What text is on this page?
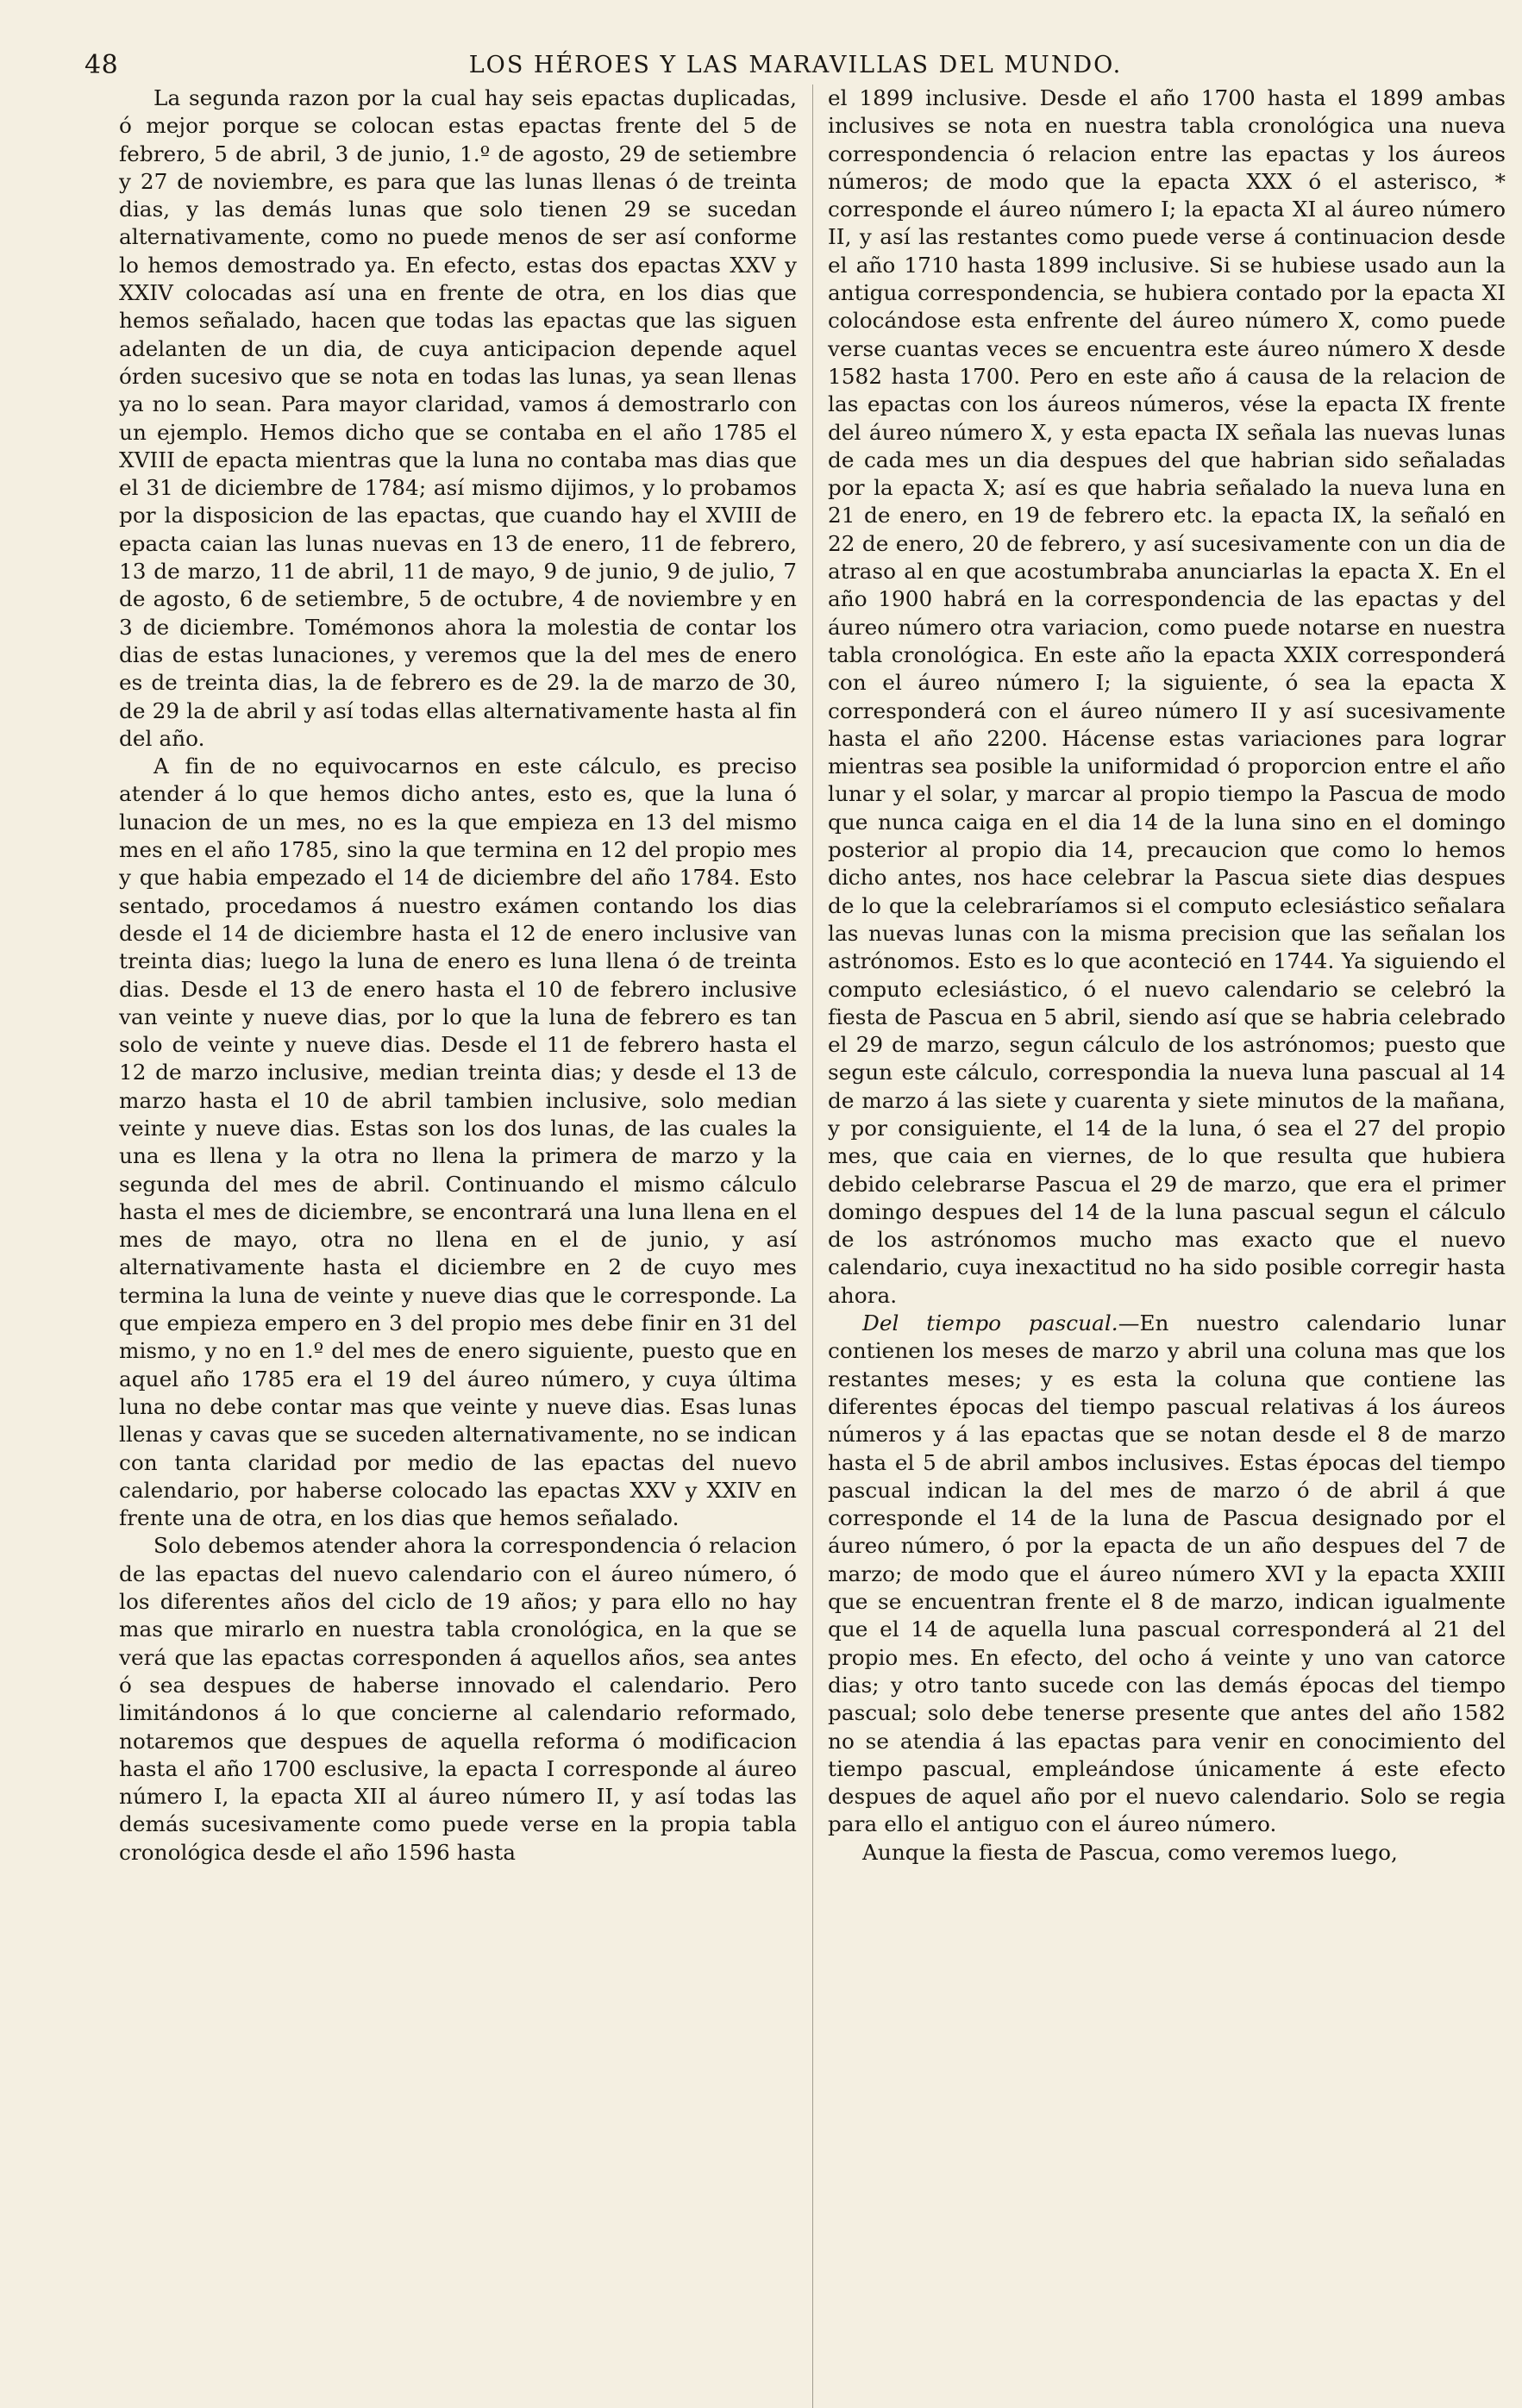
48	LOS HÉROES Y LAS MARAVILLAS DEL MUNDO.

La segunda razon por la cual hay seis epactas duplicadas, ó mejor porque se colocan estas epactas frente del 5 de febrero, 5 de abril, 3 de junio, 1.º de agosto, 29 de setiembre y 27 de noviembre, es para que las lunas llenas ó de treinta dias, y las demás lunas que solo tienen 29 se sucedan alternativamente, como no puede menos de ser así conforme lo hemos demostrado ya. En efecto, estas dos epactas XXV y XXIV colocadas así una en frente de otra, en los dias que hemos señalado, hacen que todas las epactas que las siguen adelanten de un dia, de cuya anticipacion depende aquel órden sucesivo que se nota en todas las lunas, ya sean llenas ya no lo sean. Para mayor claridad, vamos á demostrarlo con un ejemplo. Hemos dicho que se contaba en el año 1785 el XVIII de epacta mientras que la luna no contaba mas dias que el 31 de diciembre de 1784; así mismo dijimos, y lo probamos por la disposicion de las epactas, que cuando hay el XVIII de epacta caian las lunas nuevas en 13 de enero, 11 de febrero, 13 de marzo, 11 de abril, 11 de mayo, 9 de junio, 9 de julio, 7 de agosto, 6 de setiembre, 5 de octubre, 4 de noviembre y en 3 de diciembre. Tomémonos ahora la molestia de contar los dias de estas lunaciones, y veremos que la del mes de enero es de treinta dias, la de febrero es de 29. la de marzo de 30, de 29 la de abril y así todas ellas alternativamente hasta al fin del año.

A fin de no equivocarnos en este cálculo, es preciso atender á lo que hemos dicho antes, esto es, que la luna ó lunacion de un mes, no es la que empieza en 13 del mismo mes en el año 1785, sino la que termina en 12 del propio mes y que habia empezado el 14 de diciembre del año 1784. Esto sentado, procedamos á nuestro exámen contando los dias desde el 14 de diciembre hasta el 12 de enero inclusive van treinta dias; luego la luna de enero es luna llena ó de treinta dias. Desde el 13 de enero hasta el 10 de febrero inclusive van veinte y nueve dias, por lo que la luna de febrero es tan solo de veinte y nueve dias. Desde el 11 de febrero hasta el 12 de marzo inclusive, median treinta dias; y desde el 13 de marzo hasta el 10 de abril tambien inclusive, solo median veinte y nueve dias. Estas son los dos lunas, de las cuales la una es llena y la otra no llena la primera de marzo y la segunda del mes de abril. Continuando el mismo cálculo hasta el mes de diciembre, se encontrará una luna llena en el mes de mayo, otra no llena en el de junio, y así alternativamente hasta el diciembre en 2 de cuyo mes termina la luna de veinte y nueve dias que le corresponde. La que empieza empero en 3 del propio mes debe finir en 31 del mismo, y no en 1.º del mes de enero siguiente, puesto que en aquel año 1785 era el 19 del áureo número, y cuya última luna no debe contar mas que veinte y nueve dias. Esas lunas llenas y cavas que se suceden alternativamente, no se indican con tanta claridad por medio de las epactas del nuevo calendario, por haberse colocado las epactas XXV y XXIV en frente una de otra, en los dias que hemos señalado.

Solo debemos atender ahora la correspondencia ó relacion de las epactas del nuevo calendario con el áureo número, ó los diferentes años del ciclo de 19 años; y para ello no hay mas que mirarlo en nuestra tabla cronológica, en la que se verá que las epactas corresponden á aquellos años, sea antes ó sea despues de haberse innovado el calendario. Pero limitándonos á lo que concierne al calendario reformado, notaremos que despues de aquella reforma ó modificacion hasta el año 1700 esclusive, la epacta I corresponde al áureo número I, la epacta XII al áureo número II, y así todas las demás sucesivamente como puede verse en la propia tabla cronológica desde el año 1596 hasta

el 1899 inclusive. Desde el año 1700 hasta el 1899 ambas inclusives se nota en nuestra tabla cronológica una nueva correspondencia ó relacion entre las epactas y los áureos números; de modo que la epacta XXX ó el asterisco, * corresponde el áureo número I; la epacta XI al áureo número II, y así las restantes como puede verse á continuacion desde el año 1710 hasta 1899 inclusive. Si se hubiese usado aun la antigua correspondencia, se hubiera contado por la epacta XI colocándose esta enfrente del áureo número X, como puede verse cuantas veces se encuentra este áureo número X desde 1582 hasta 1700. Pero en este año á causa de la relacion de las epactas con los áureos números, vése la epacta IX frente del áureo número X, y esta epacta IX señala las nuevas lunas de cada mes un dia despues del que habrian sido señaladas por la epacta X; así es que habria señalado la nueva luna en 21 de enero, en 19 de febrero etc. la epacta IX, la señaló en 22 de enero, 20 de febrero, y así sucesivamente con un dia de atraso al en que acostumbraba anunciarlas la epacta X. En el año 1900 habrá en la correspondencia de las epactas y del áureo número otra variacion, como puede notarse en nuestra tabla cronológica. En este año la epacta XXIX corresponderá con el áureo número I; la siguiente, ó sea la epacta X corresponderá con el áureo número II y así sucesivamente hasta el año 2200. Hácense estas variaciones para lograr mientras sea posible la uniformidad ó proporcion entre el año lunar y el solar, y marcar al propio tiempo la Pascua de modo que nunca caiga en el dia 14 de la luna sino en el domingo posterior al propio dia 14, precaucion que como lo hemos dicho antes, nos hace celebrar la Pascua siete dias despues de lo que la celebraríamos si el computo eclesiástico señalara las nuevas lunas con la misma precision que las señalan los astrónomos. Esto es lo que aconteció en 1744. Ya siguiendo el computo eclesiástico, ó el nuevo calendario se celebró la fiesta de Pascua en 5 abril, siendo así que se habria celebrado el 29 de marzo, segun cálculo de los astrónomos; puesto que segun este cálculo, correspondia la nueva luna pascual al 14 de marzo á las siete y cuarenta y siete minutos de la mañana, y por consiguiente, el 14 de la luna, ó sea el 27 del propio mes, que caia en viernes, de lo que resulta que hubiera debido celebrarse Pascua el 29 de marzo, que era el primer domingo despues del 14 de la luna pascual segun el cálculo de los astrónomos mucho mas exacto que el nuevo calendario, cuya inexactitud no ha sido posible corregir hasta ahora.

Del tiempo pascual.—En nuestro calendario lunar contienen los meses de marzo y abril una coluna mas que los restantes meses; y es esta la coluna que contiene las diferentes épocas del tiempo pascual relativas á los áureos números y á las epactas que se notan desde el 8 de marzo hasta el 5 de abril ambos inclusives. Estas épocas del tiempo pascual indican la del mes de marzo ó de abril á que corresponde el 14 de la luna de Pascua designado por el áureo número, ó por la epacta de un año despues del 7 de marzo; de modo que el áureo número XVI y la epacta XXIII que se encuentran frente el 8 de marzo, indican igualmente que el 14 de aquella luna pascual corresponderá al 21 del propio mes. En efecto, del ocho á veinte y uno van catorce dias; y otro tanto sucede con las demás épocas del tiempo pascual; solo debe tenerse presente que antes del año 1582 no se atendia á las epactas para venir en conocimiento del tiempo pascual, empleándose únicamente á este efecto despues de aquel año por el nuevo calendario. Solo se regia para ello el antiguo con el áureo número.

Aunque la fiesta de Pascua, como veremos luego,
